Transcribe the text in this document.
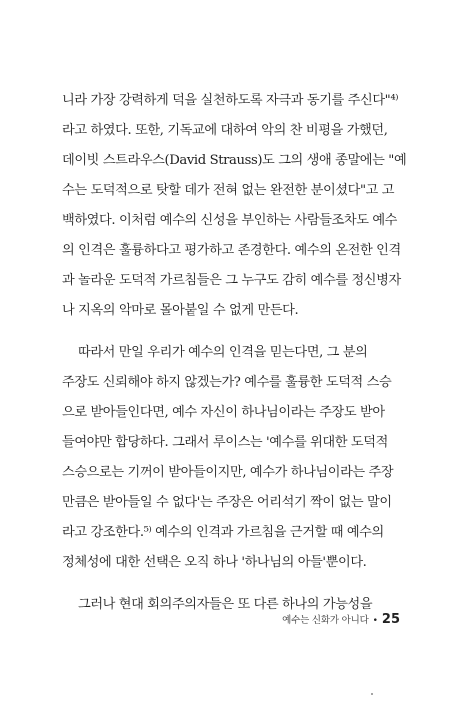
니라 가장 강력하게 덕을 실천하도록 자극과 동기를 주신다"⁴⁾
라고 하였다. 또한, 기독교에 대하여 악의 찬 비평을 가했던,
데이빗 스트라우스(David Strauss)도 그의 생애 종말에는 "예
수는 도덕적으로 탓할 데가 전혀 없는 완전한 분이셨다"고 고
백하였다. 이처럼 예수의 신성을 부인하는 사람들조차도 예수
의 인격은 훌륭하다고 평가하고 존경한다. 예수의 온전한 인격
과 놀라운 도덕적 가르침들은 그 누구도 감히 예수를 정신병자
나 지옥의 악마로 몰아붙일 수 없게 만든다.
따라서 만일 우리가 예수의 인격을 믿는다면, 그 분의
주장도 신뢰해야 하지 않겠는가? 예수를 훌륭한 도덕적 스승
으로 받아들인다면, 예수 자신이 하나님이라는 주장도 받아
들여야만 합당하다. 그래서 루이스는 '예수를 위대한 도덕적
스승으로는 기꺼이 받아들이지만, 예수가 하나님이라는 주장
만큼은 받아들일 수 없다'는 주장은 어리석기 짝이 없는 말이
라고 강조한다.⁵⁾ 예수의 인격과 가르침을 근거할 때 예수의
정체성에 대한 선택은 오직 하나 '하나님의 아들'뿐이다.
그러나 현대 회의주의자들은 또 다른 하나의 가능성을
예수는 신화가 아니다 • 25
